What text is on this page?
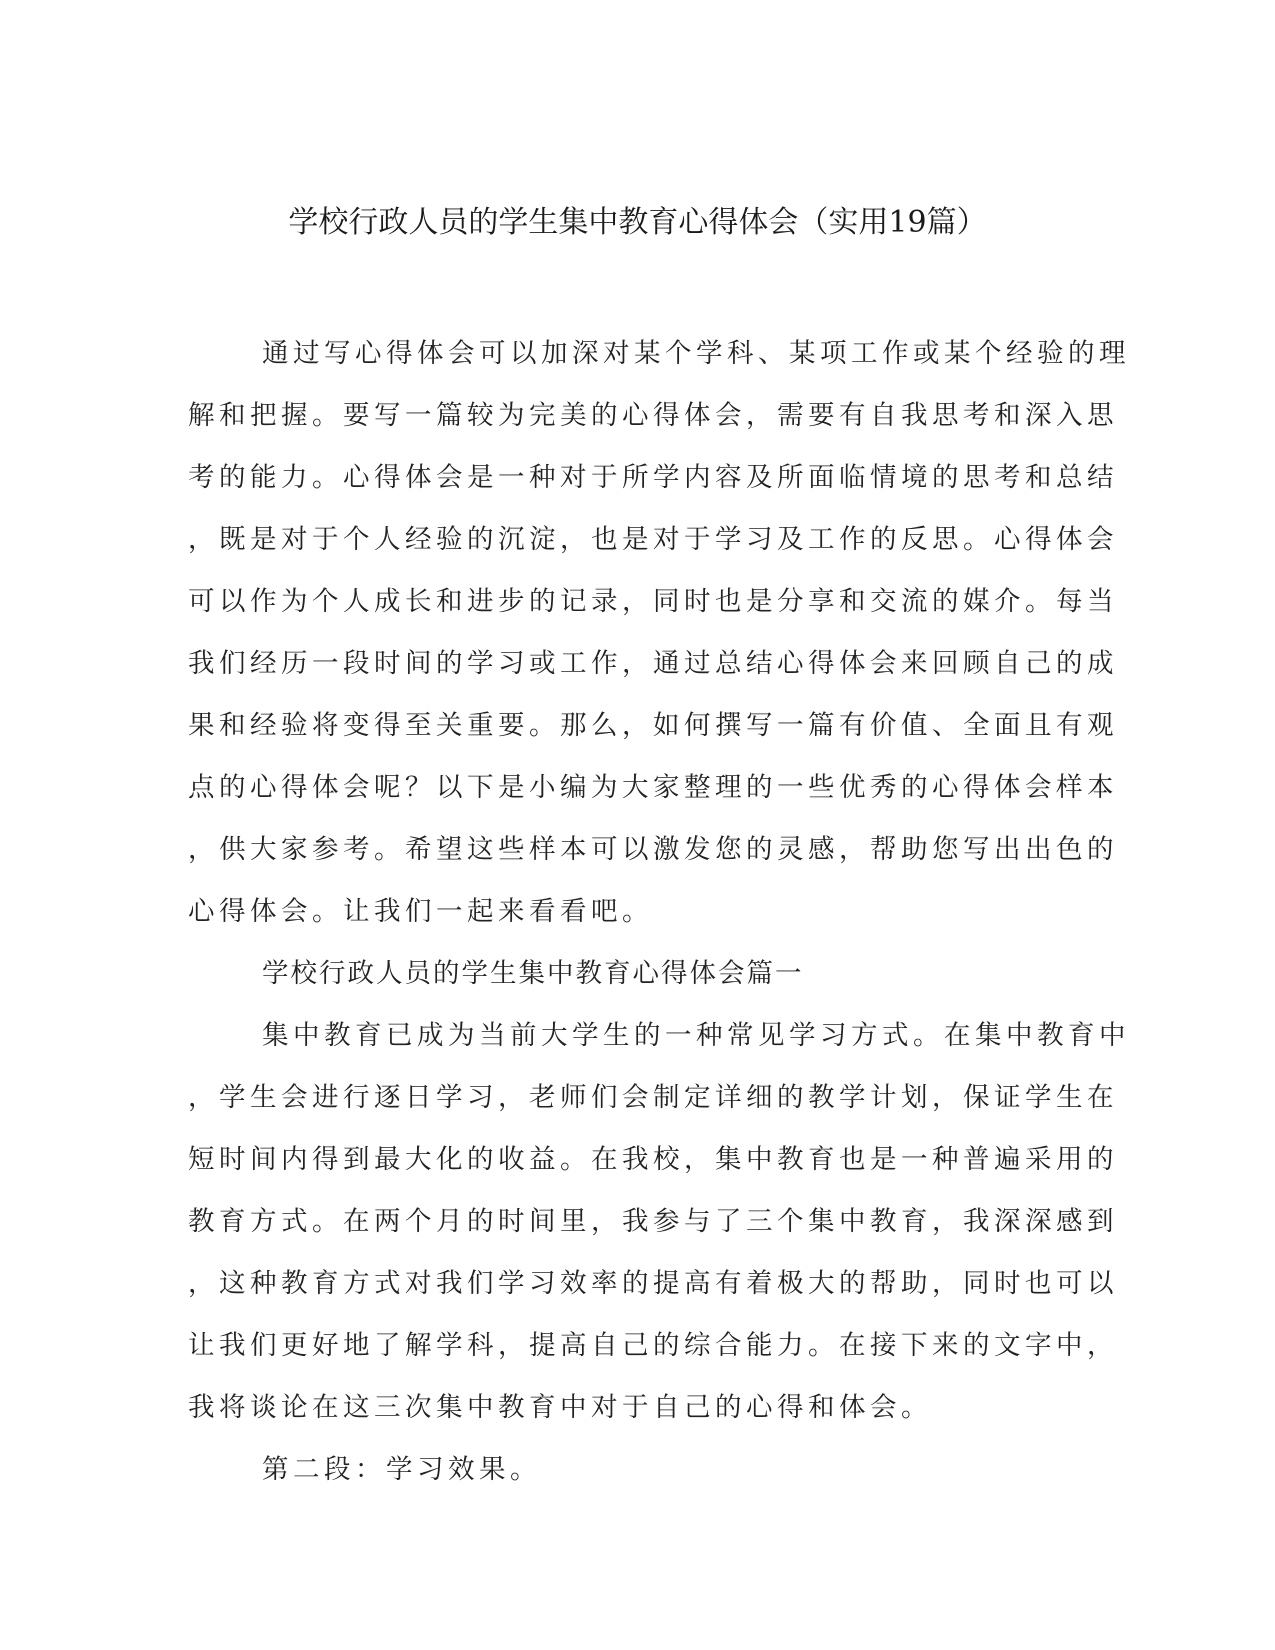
学校行政人员的学生集中教育心得体会（实用19篇）
通过写心得体会可以加深对某个学科、某项工作或某个经验的理
解和把握。要写一篇较为完美的心得体会，需要有自我思考和深入思
考的能力。心得体会是一种对于所学内容及所面临情境的思考和总结
，既是对于个人经验的沉淀，也是对于学习及工作的反思。心得体会
可以作为个人成长和进步的记录，同时也是分享和交流的媒介。每当
我们经历一段时间的学习或工作，通过总结心得体会来回顾自己的成
果和经验将变得至关重要。那么，如何撰写一篇有价值、全面且有观
点的心得体会呢？以下是小编为大家整理的一些优秀的心得体会样本
，供大家参考。希望这些样本可以激发您的灵感，帮助您写出出色的
心得体会。让我们一起来看看吧。
学校行政人员的学生集中教育心得体会篇一
集中教育已成为当前大学生的一种常见学习方式。在集中教育中
，学生会进行逐日学习，老师们会制定详细的教学计划，保证学生在
短时间内得到最大化的收益。在我校，集中教育也是一种普遍采用的
教育方式。在两个月的时间里，我参与了三个集中教育，我深深感到
，这种教育方式对我们学习效率的提高有着极大的帮助，同时也可以
让我们更好地了解学科，提高自己的综合能力。在接下来的文字中，
我将谈论在这三次集中教育中对于自己的心得和体会。
第二段：学习效果。
